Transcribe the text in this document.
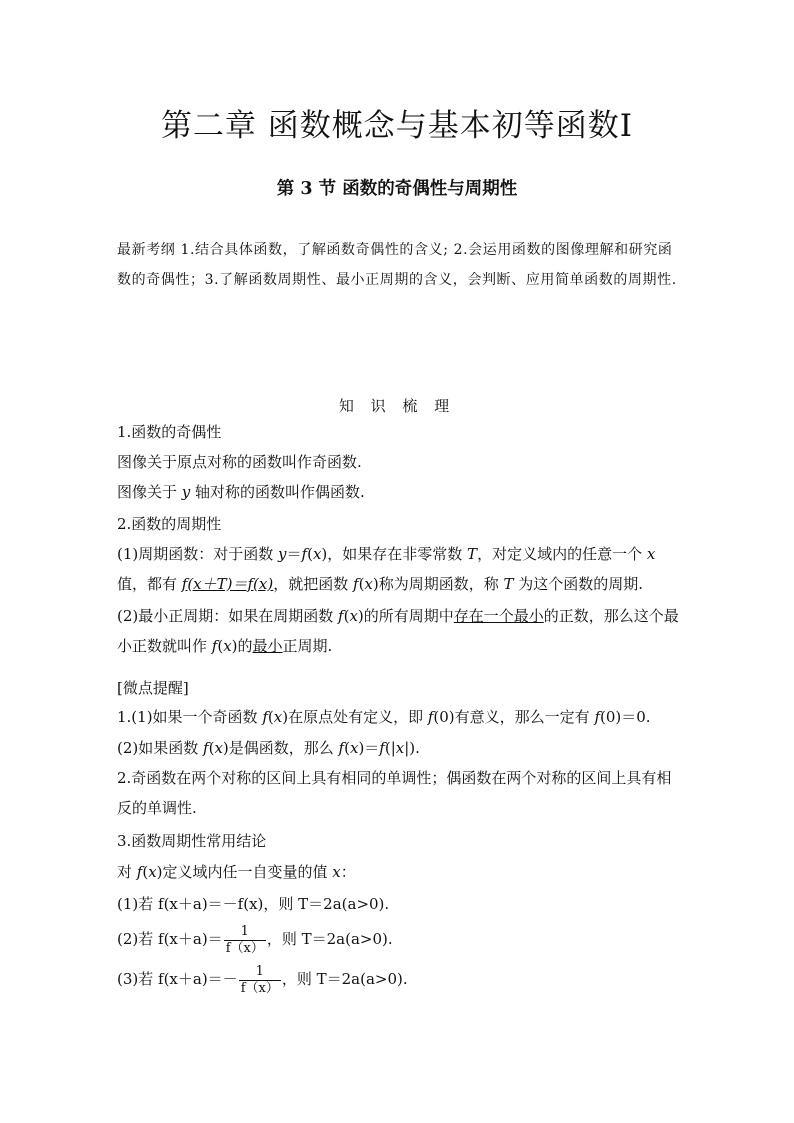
第二章 函数概念与基本初等函数Ⅰ
第 3 节 函数的奇偶性与周期性
最新考纲 1.结合具体函数，了解函数奇偶性的含义; 2.会运用函数的图像理解和研究函数的奇偶性；3.了解函数周期性、最小正周期的含义，会判断、应用简单函数的周期性.
知 识 梳 理
1.函数的奇偶性
图像关于原点对称的函数叫作奇函数.
图像关于 y 轴对称的函数叫作偶函数.
2.函数的周期性
(1)周期函数：对于函数 y＝f(x)，如果存在非零常数 T，对定义域内的任意一个 x值，都有 f(x＋T)＝f(x)，就把函数 f(x)称为周期函数，称 T 为这个函数的周期.
(2)最小正周期：如果在周期函数 f(x)的所有周期中存在一个最小的正数，那么这个最小正数就叫作 f(x)的最小正周期.
[微点提醒]
1.(1)如果一个奇函数 f(x)在原点处有定义，即 f(0)有意义，那么一定有 f(0)＝0.
(2)如果函数 f(x)是偶函数，那么 f(x)＝f(|x|).
2.奇函数在两个对称的区间上具有相同的单调性；偶函数在两个对称的区间上具有相反的单调性.
3.函数周期性常用结论
对 f(x)定义域内任一自变量的值 x：
(1)若 f(x＋a)＝－f(x)，则 T＝2a(a>0).
(2)若 $f(x+a)= \frac{1}{f(x)}$ ，则 T＝2a(a>0).
(3)若 $f(x+a)=- \frac{1}{f(x)}$ ，则 T＝2a(a>0).
